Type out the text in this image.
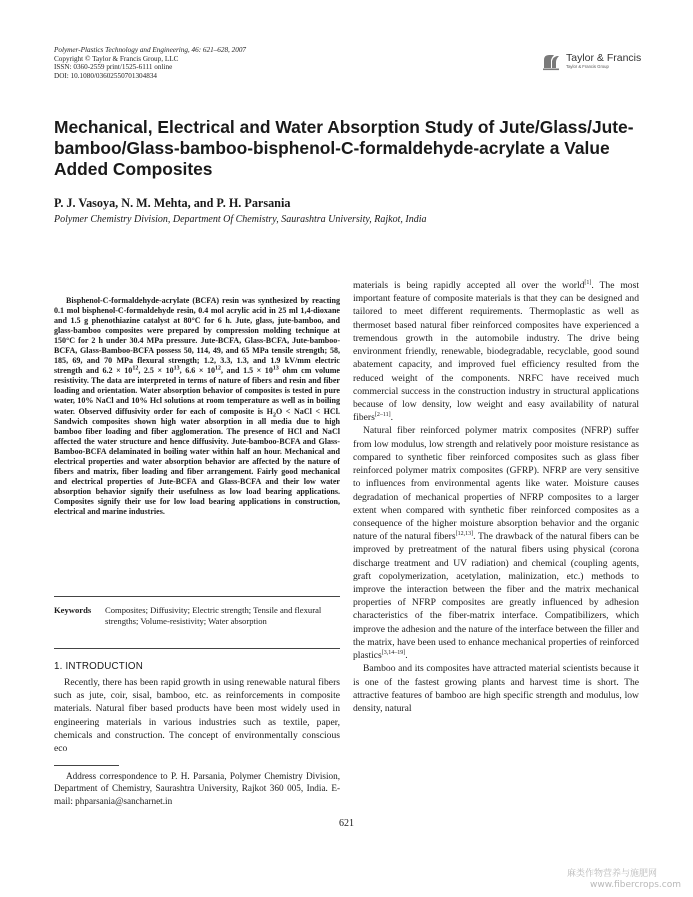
Polymer-Plastics Technology and Engineering, 46: 621–628, 2007
Copyright © Taylor & Francis Group, LLC
ISSN: 0360-2559 print/1525-6111 online
DOI: 10.1080/03602550701304834
Taylor & Francis
Taylor & Francis Group
Mechanical, Electrical and Water Absorption Study of Jute/Glass/Jute-bamboo/Glass-bamboo-bisphenol-C-formaldehyde-acrylate a Value Added Composites
P. J. Vasoya, N. M. Mehta, and P. H. Parsania
Polymer Chemistry Division, Department Of Chemistry, Saurashtra University, Rajkot, India
Bisphenol-C-formaldehyde-acrylate (BCFA) resin was synthesized by reacting 0.1 mol bisphenol-C-formaldehyde resin, 0.4 mol acrylic acid in 25 ml 1,4-dioxane and 1.5 g phenothiazine catalyst at 80°C for 6 h. Jute, glass, jute-bamboo, and glass-bamboo composites were prepared by compression molding technique at 150°C for 2 h under 30.4 MPa pressure. Jute-BCFA, Glass-BCFA, Jute-bamboo-BCFA, Glass-Bamboo-BCFA possess 50, 114, 49, and 65 MPa tensile strength; 58, 185, 69, and 70 MPa flexural strength; 1.2, 3.3, 1.3, and 1.9 kV/mm electric strength and $6.2 \times 10^{12}$, $2.5 \times 10^{13}$, $6.6 \times 10^{12}$, and $1.5 \times 10^{13}$ ohm cm volume resistivity. The data are interpreted in terms of nature of fibers and resin and fiber loading and orientation. Water absorption behavior of composites is tested in pure water, 10% NaCl and 10% Hcl solutions at room temperature as well as in boiling water. Observed diffusivity order for each of composite is $H_2O$ < NaCl < HCl. Sandwich composites shown high water absorption in all media due to high bamboo fiber loading and fiber agglomeration. The presence of HCl and NaCl affected the water structure and hence diffusivity. Jute-bamboo-BCFA and Glass-Bamboo-BCFA delaminated in boiling water within half an hour. Mechanical and electrical properties and water absorption behavior are affected by the nature of fibers and matrix, fiber loading and fiber arrangement. Fairly good mechanical and electrical properties of Jute-BCFA and Glass-BCFA and their low water absorption behavior signify their usefulness as low load bearing applications. Composites signify their use for low load bearing applications in construction, electrical and marine industries.
Keywords Composites; Diffusivity; Electric strength; Tensile and flexural strengths; Volume-resistivity; Water absorption
1. INTRODUCTION
Recently, there has been rapid growth in using renewable natural fibers such as jute, coir, sisal, bamboo, etc. as reinforcements in composite materials. Natural fiber based products have been most widely used in engineering materials in various industries such as textile, paper, chemicals and construction. The concept of environmentally conscious eco
Address correspondence to P. H. Parsania, Polymer Chemistry Division, Department of Chemistry, Saurashtra University, Rajkot 360 005, India. E-mail: phparsania@sancharnet.in

materials is being rapidly accepted all over the world[1]. The most important feature of composite materials is that they can be designed and tailored to meet different requirements. Thermoplastic as well as thermoset based natural fiber reinforced composites have experienced a tremendous growth in the automobile industry. The drive being environment friendly, renewable, biodegradable, recyclable, good sound abatement capacity, and improved fuel efficiency resulted from the reduced weight of the components. NRFC have received much commercial success in the construction industry in structural applications because of low density, low weight and easy availability of natural fibers[2–11].

Natural fiber reinforced polymer matrix composites (NFRP) suffer from low modulus, low strength and relatively poor moisture resistance as compared to synthetic fiber reinforced composites such as glass fiber reinforced polymer matrix composites (GFRP). NFRP are very sensitive to influences from environmental agents like water. Moisture causes degradation of mechanical properties of NFRP composites to a larger extent when compared with synthetic fiber reinforced composites as a consequence of the higher moisture absorption behavior and the organic nature of the natural fibers[12,13]. The drawback of the natural fibers can be improved by pretreatment of the natural fibers using physical (corona discharge treatment and UV radiation) and chemical (coupling agents, graft copolymerization, acetylation, malinization, etc.) methods to improve the interaction between the fiber and the matrix mechanical properties of NFRP composites are greatly influenced by adhesion characteristics of the fiber-matrix interface. Compatibilizers, which improve the adhesion and the nature of the interface between the filler and the matrix, have been used to enhance mechanical properties of reinforced plastics[3,14–19].

Bamboo and its composites have attracted material scientists because it is one of the fastest growing plants and harvest time is short. The attractive features of bamboo are high specific strength and modulus, low density, natural

621
麻类作物营养与施肥网
www.fibercrops.com
